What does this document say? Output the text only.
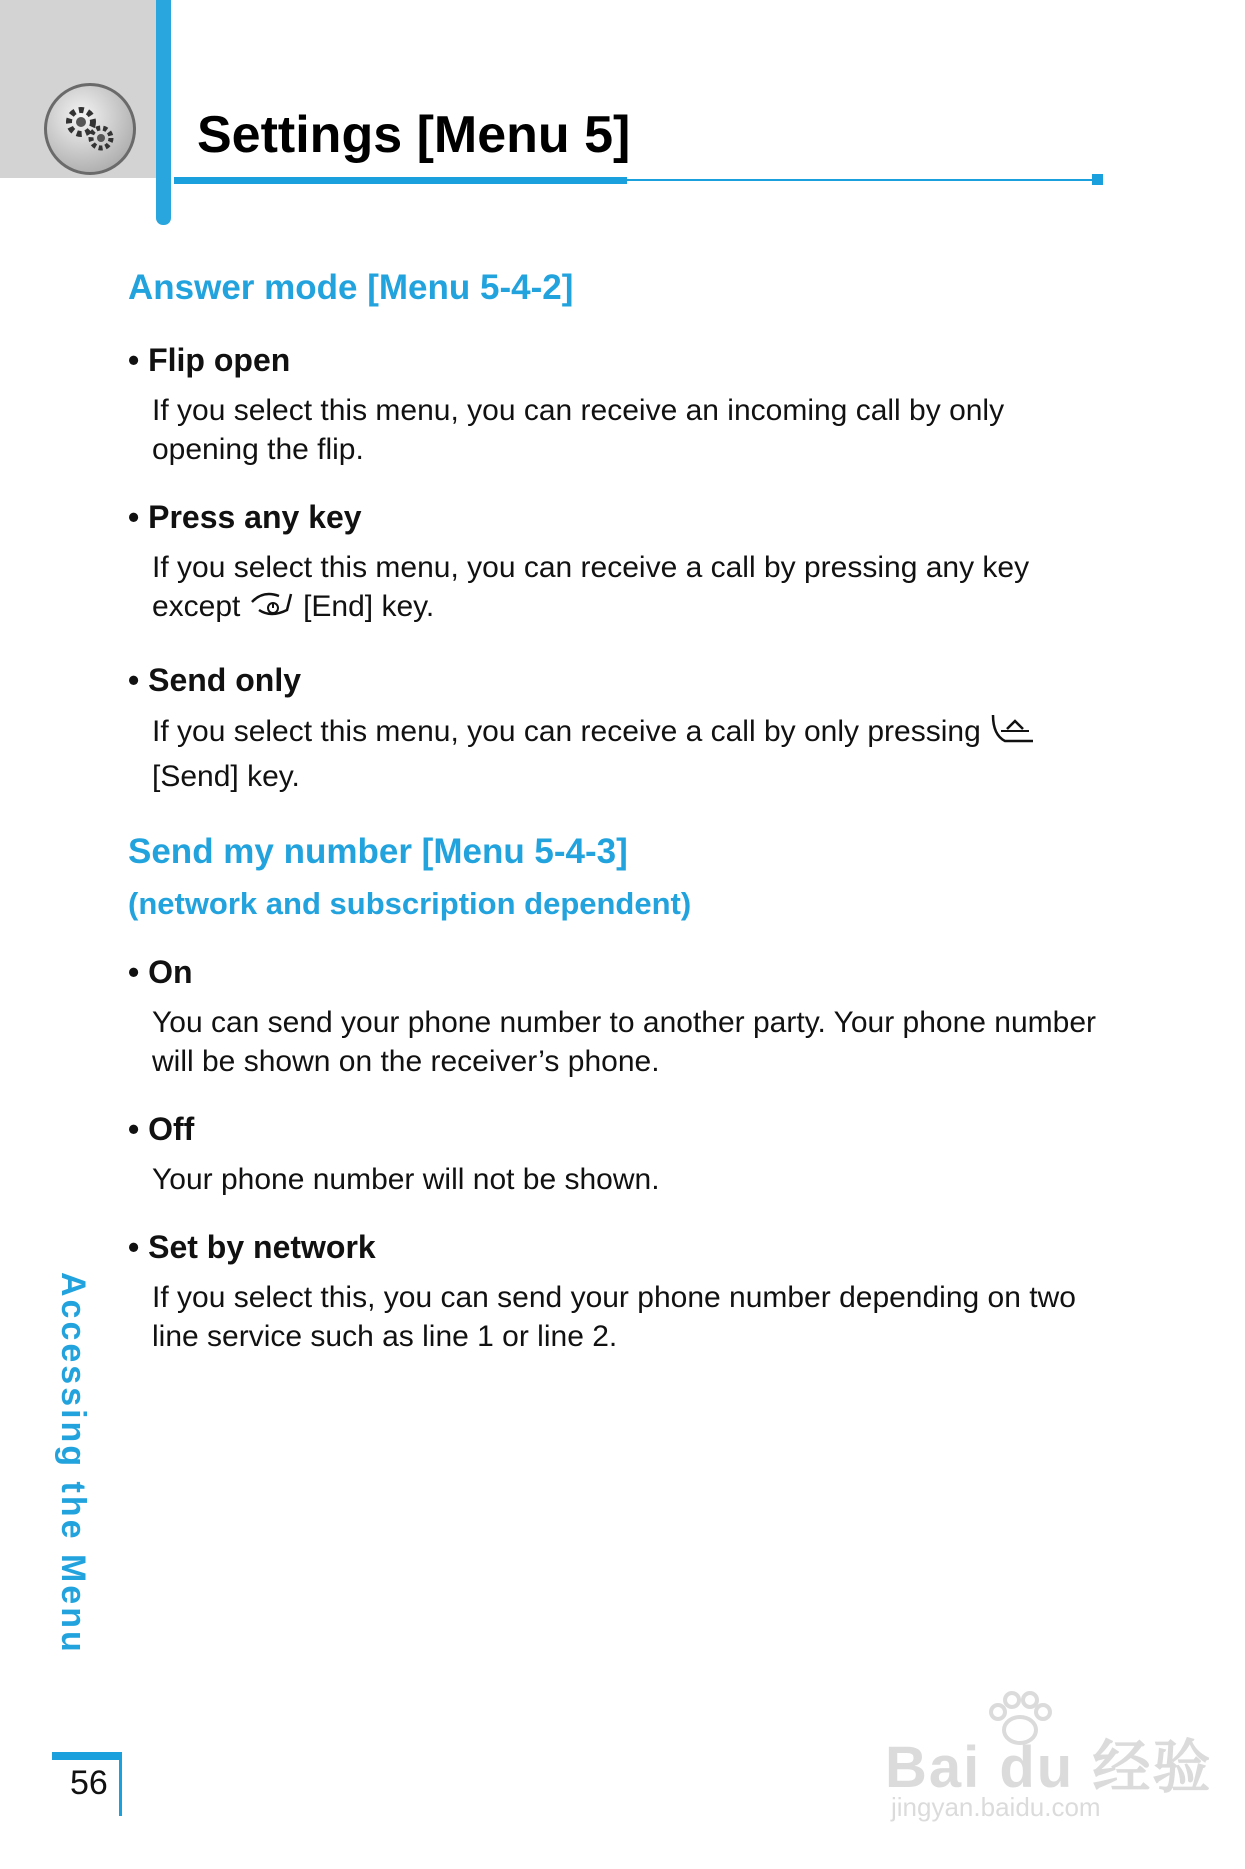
Settings [Menu 5]
Answer mode [Menu 5-4-2]

• Flip open

If you select this menu, you can receive an incoming call by only opening the flip.

• Press any key

If you select this menu, you can receive a call by pressing any key except [End] key.

• Send only

If you select this menu, you can receive a call by only pressing  [Send] key.

Send my number [Menu 5-4-3]

(network and subscription dependent)

• On

You can send your phone number to another party. Your phone number will be shown on the receiver’s phone.

• Off

Your phone number will not be shown.

• Set by network

If you select this, you can send your phone number depending on two line service such as line 1 or line 2.

Accessing the Menu
56	Bai du 经验
jingyan.baidu.com
